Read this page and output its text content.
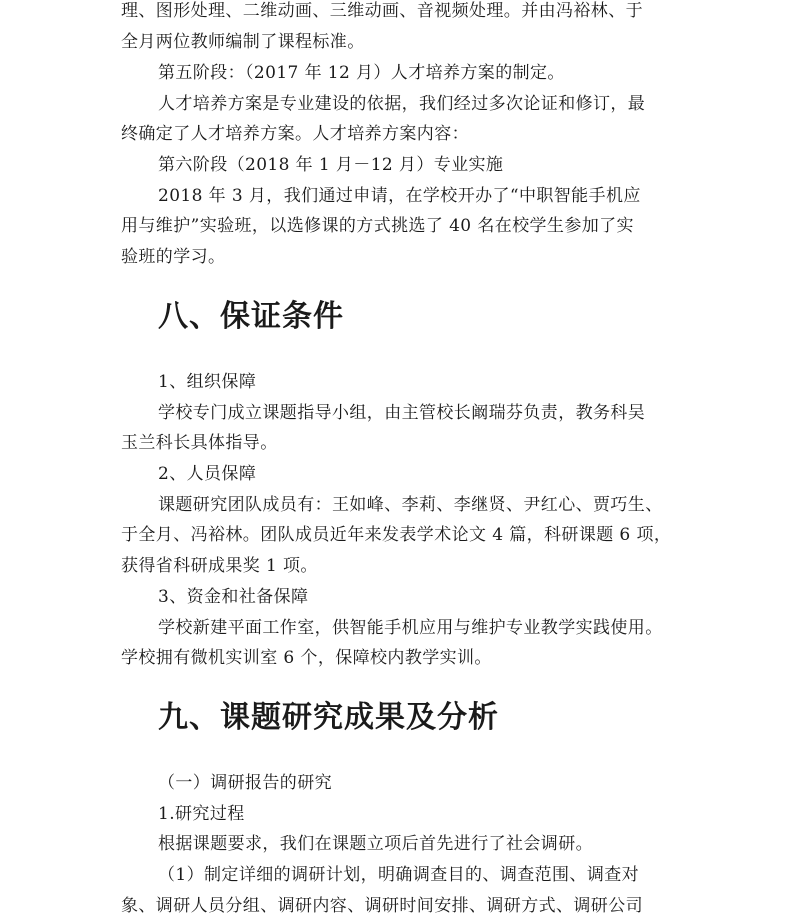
理、图形处理、二维动画、三维动画、音视频处理。并由冯裕林、于
全月两位教师编制了课程标准。
第五阶段：（2017 年 12 月）人才培养方案的制定。
人才培养方案是专业建设的依据，我们经过多次论证和修订，最
终确定了人才培养方案。人才培养方案内容：
第六阶段（2018 年 1 月－12 月）专业实施
2018 年 3 月，我们通过申请，在学校开办了“中职智能手机应
用与维护”实验班，以选修课的方式挑选了 40 名在校学生参加了实
验班的学习。
八、保证条件
1、组织保障
学校专门成立课题指导小组，由主管校长阚瑞芬负责，教务科吴
玉兰科长具体指导。
2、人员保障
课题研究团队成员有：王如峰、李莉、李继贤、尹红心、贾巧生、
于全月、冯裕林。团队成员近年来发表学术论文 4 篇，科研课题 6 项，
获得省科研成果奖 1 项。
3、资金和社备保障
学校新建平面工作室，供智能手机应用与维护专业教学实践使用。
学校拥有微机实训室 6 个，保障校内教学实训。
九、课题研究成果及分析
（一）调研报告的研究
1.研究过程
根据课题要求，我们在课题立项后首先进行了社会调研。
（1）制定详细的调研计划，明确调查目的、调查范围、调查对
象、调研人员分组、调研内容、调研时间安排、调研方式、调研公司
